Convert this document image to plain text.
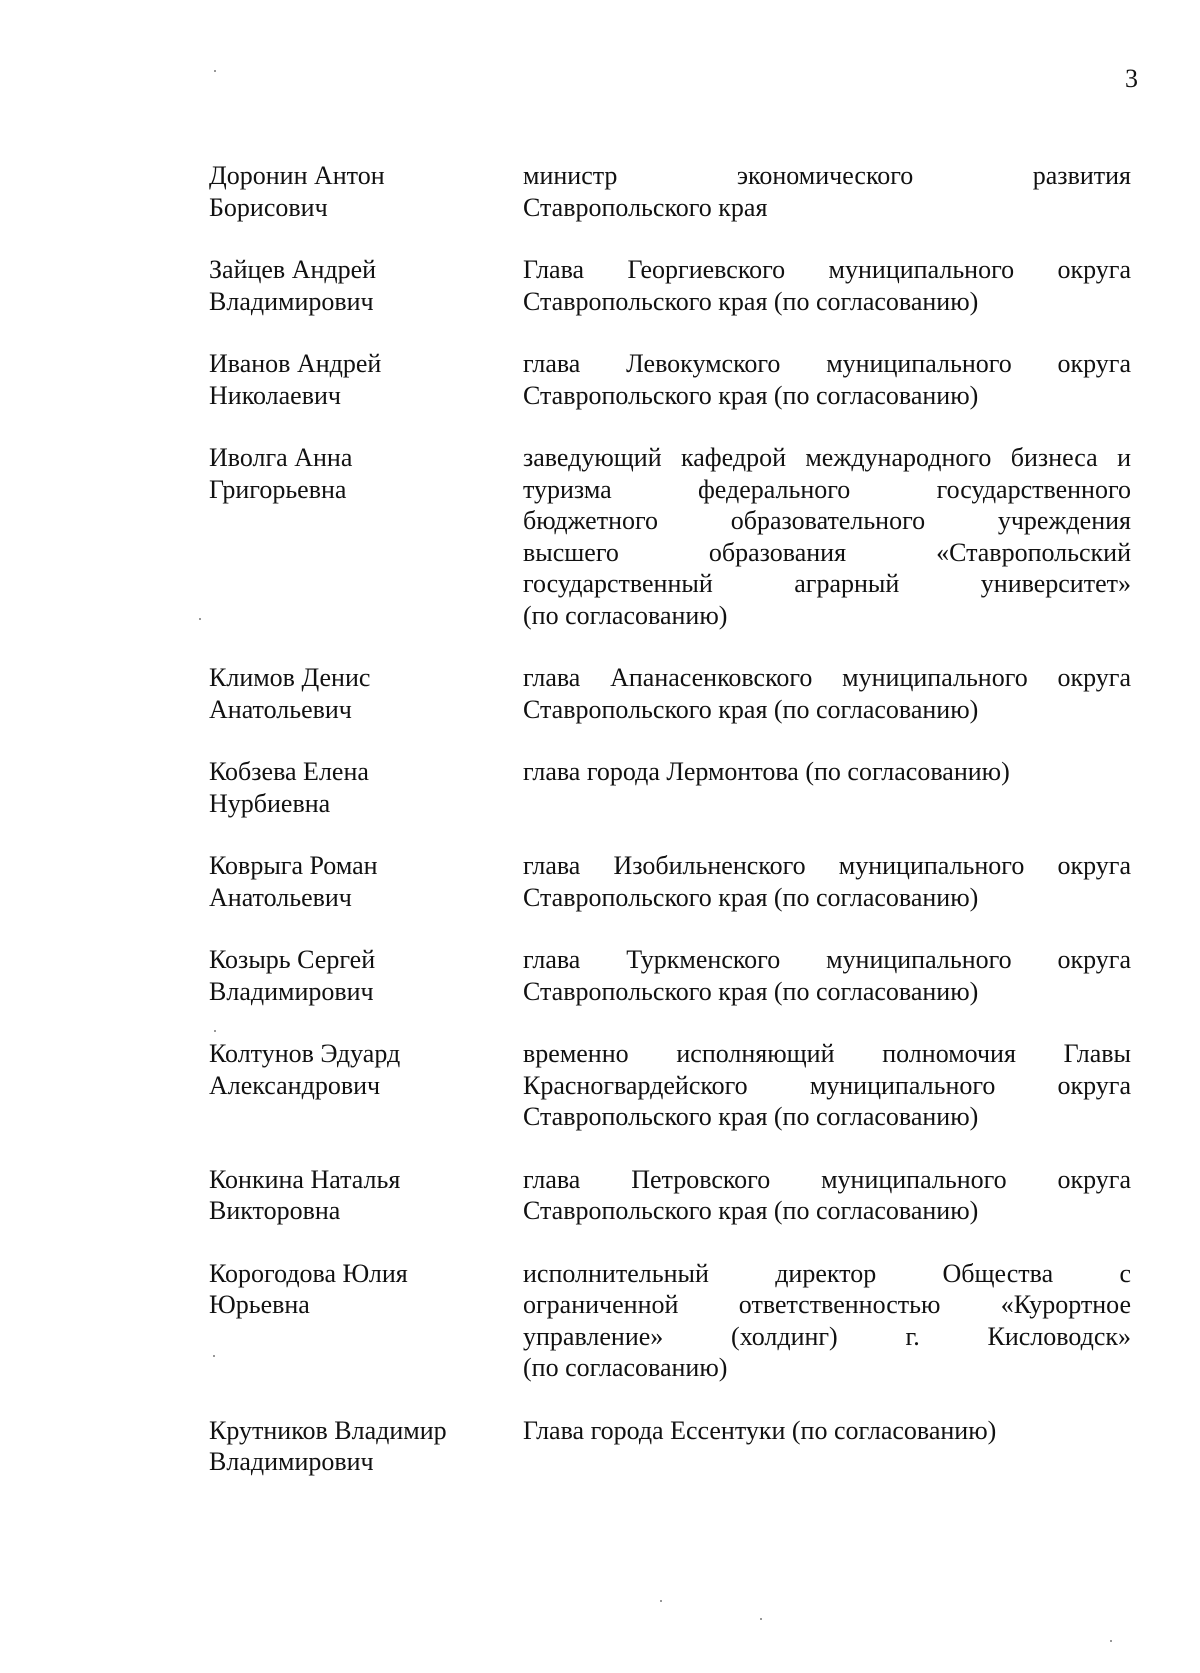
3
Доронин Антон
Борисович
министр экономического развития
Ставропольского края
Зайцев Андрей
Владимирович
Глава Георгиевского муниципального округа
Ставропольского края (по согласованию)
Иванов Андрей
Николаевич
глава Левокумского муниципального округа
Ставропольского края (по согласованию)
Иволга Анна
Григорьевна
заведующий кафедрой международного бизнеса и
туризма федерального государственного
бюджетного образовательного учреждения
высшего образования «Ставропольский
государственный аграрный университет»
(по согласованию)
Климов Денис
Анатольевич
глава Апанасенковского муниципального округа
Ставропольского края (по согласованию)
Кобзева Елена
Нурбиевна
глава города Лермонтова (по согласованию)
Коврыга Роман
Анатольевич
глава Изобильненского муниципального округа
Ставропольского края (по согласованию)
Козырь Сергей
Владимирович
глава Туркменского муниципального округа
Ставропольского края (по согласованию)
Колтунов Эдуард
Александрович
временно исполняющий полномочия Главы
Красногвардейского муниципального округа
Ставропольского края (по согласованию)
Конкина Наталья
Викторовна
глава Петровского муниципального округа
Ставропольского края (по согласованию)
Корогодова Юлия
Юрьевна
исполнительный директор Общества с
ограниченной ответственностью «Курортное
управление» (холдинг) г. Кисловодск»
(по согласованию)
Крутников Владимир
Владимирович
Глава города Ессентуки (по согласованию)
